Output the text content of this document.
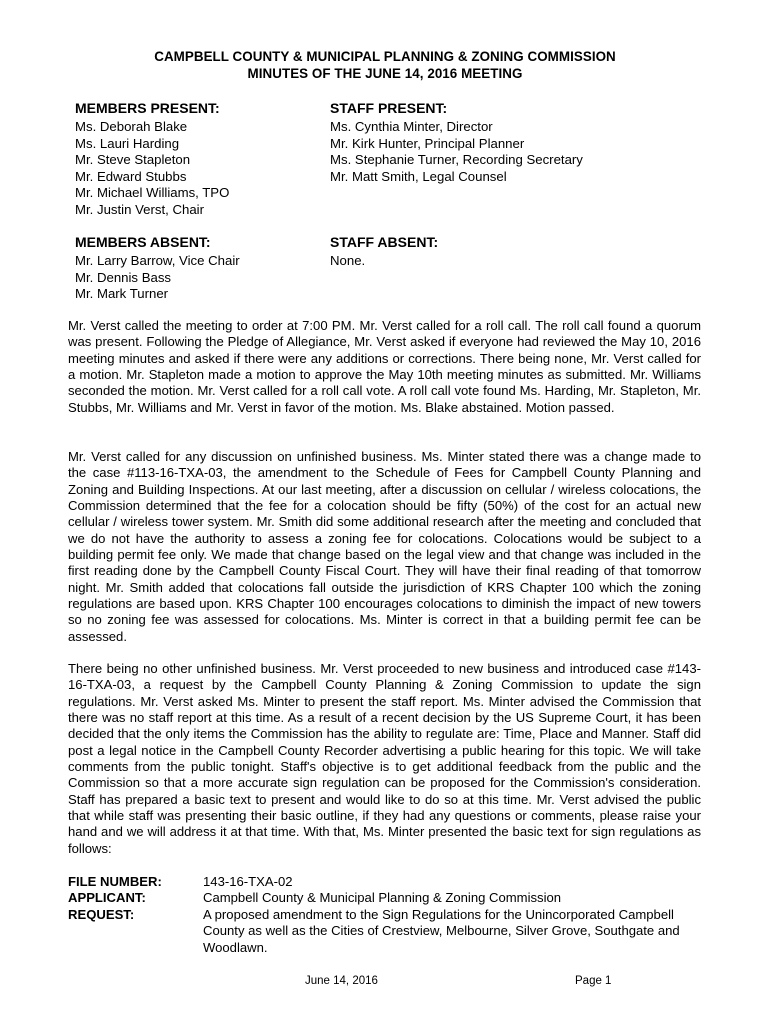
CAMPBELL COUNTY & MUNICIPAL PLANNING & ZONING COMMISSION
MINUTES OF THE JUNE 14, 2016 MEETING
MEMBERS PRESENT:
Ms. Deborah Blake
Ms. Lauri Harding
Mr. Steve Stapleton
Mr. Edward Stubbs
Mr. Michael Williams, TPO
Mr. Justin Verst, Chair
STAFF PRESENT:
Ms. Cynthia Minter, Director
Mr. Kirk Hunter, Principal Planner
Ms. Stephanie Turner, Recording Secretary
Mr. Matt Smith, Legal Counsel
MEMBERS ABSENT:
Mr. Larry Barrow, Vice Chair
Mr. Dennis Bass
Mr. Mark Turner
STAFF ABSENT:
None.
Mr. Verst called the meeting to order at 7:00 PM. Mr. Verst called for a roll call. The roll call found a quorum was present. Following the Pledge of Allegiance, Mr. Verst asked if everyone had reviewed the May 10, 2016 meeting minutes and asked if there were any additions or corrections. There being none, Mr. Verst called for a motion. Mr. Stapleton made a motion to approve the May 10th meeting minutes as submitted. Mr. Williams seconded the motion. Mr. Verst called for a roll call vote. A roll call vote found Ms. Harding, Mr. Stapleton, Mr. Stubbs, Mr. Williams and Mr. Verst in favor of the motion. Ms. Blake abstained. Motion passed.
Mr. Verst called for any discussion on unfinished business. Ms. Minter stated there was a change made to the case #113-16-TXA-03, the amendment to the Schedule of Fees for Campbell County Planning and Zoning and Building Inspections. At our last meeting, after a discussion on cellular / wireless colocations, the Commission determined that the fee for a colocation should be fifty (50%) of the cost for an actual new cellular / wireless tower system. Mr. Smith did some additional research after the meeting and concluded that we do not have the authority to assess a zoning fee for colocations. Colocations would be subject to a building permit fee only. We made that change based on the legal view and that change was included in the first reading done by the Campbell County Fiscal Court. They will have their final reading of that tomorrow night. Mr. Smith added that colocations fall outside the jurisdiction of KRS Chapter 100 which the zoning regulations are based upon. KRS Chapter 100 encourages colocations to diminish the impact of new towers so no zoning fee was assessed for colocations. Ms. Minter is correct in that a building permit fee can be assessed.
There being no other unfinished business. Mr. Verst proceeded to new business and introduced case #143-16-TXA-03, a request by the Campbell County Planning & Zoning Commission to update the sign regulations. Mr. Verst asked Ms. Minter to present the staff report. Ms. Minter advised the Commission that there was no staff report at this time. As a result of a recent decision by the US Supreme Court, it has been decided that the only items the Commission has the ability to regulate are: Time, Place and Manner. Staff did post a legal notice in the Campbell County Recorder advertising a public hearing for this topic. We will take comments from the public tonight. Staff's objective is to get additional feedback from the public and the Commission so that a more accurate sign regulation can be proposed for the Commission's consideration. Staff has prepared a basic text to present and would like to do so at this time. Mr. Verst advised the public that while staff was presenting their basic outline, if they had any questions or comments, please raise your hand and we will address it at that time. With that, Ms. Minter presented the basic text for sign regulations as follows:
FILE NUMBER:	143-16-TXA-02
APPLICANT:	Campbell County & Municipal Planning & Zoning Commission
REQUEST:	A proposed amendment to the Sign Regulations for the Unincorporated Campbell County as well as the Cities of Crestview, Melbourne, Silver Grove, Southgate and Woodlawn.
June 14, 2016	Page 1
